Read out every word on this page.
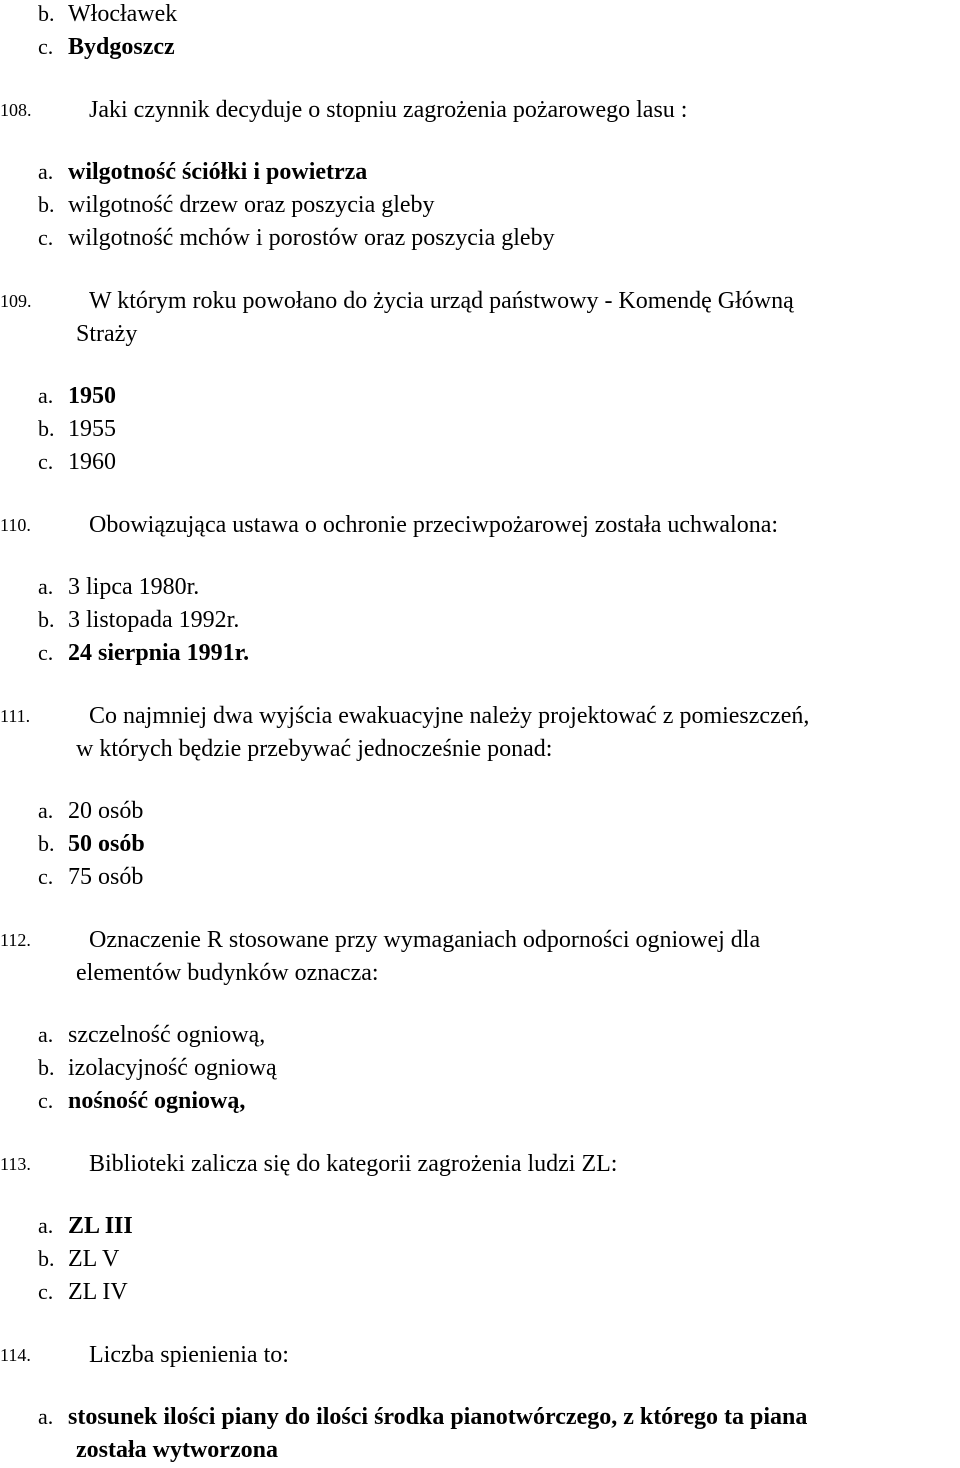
b. Włocławek
c. Bydgoszcz
108. Jaki czynnik decyduje o stopniu zagrożenia pożarowego lasu :
a. wilgotność ściółki i powietrza
b. wilgotność drzew oraz poszycia gleby
c. wilgotność mchów i porostów oraz poszycia gleby
109. W którym roku powołano do życia urząd państwowy - Komendę Główną
Straży
a. 1950
b. 1955
c. 1960
110. Obowiązująca ustawa o ochronie przeciwpożarowej została uchwalona:
a. 3 lipca 1980r.
b. 3 listopada 1992r.
c. 24 sierpnia 1991r.
111. Co najmniej dwa wyjścia ewakuacyjne należy projektować z pomieszczeń,
w których będzie przebywać jednocześnie ponad:
a. 20 osób
b. 50 osób
c. 75 osób
112. Oznaczenie R stosowane przy wymaganiach odporności ogniowej dla
elementów budynków oznacza:
a. szczelność ogniową,
b. izolacyjność ogniową
c. nośność ogniową,
113. Biblioteki zalicza się do kategorii zagrożenia ludzi ZL:
a. ZL III
b. ZL V
c. ZL IV
114. Liczba spienienia to:
a. stosunek ilości piany do ilości środka pianotwórczego, z którego ta piana
została wytworzona
